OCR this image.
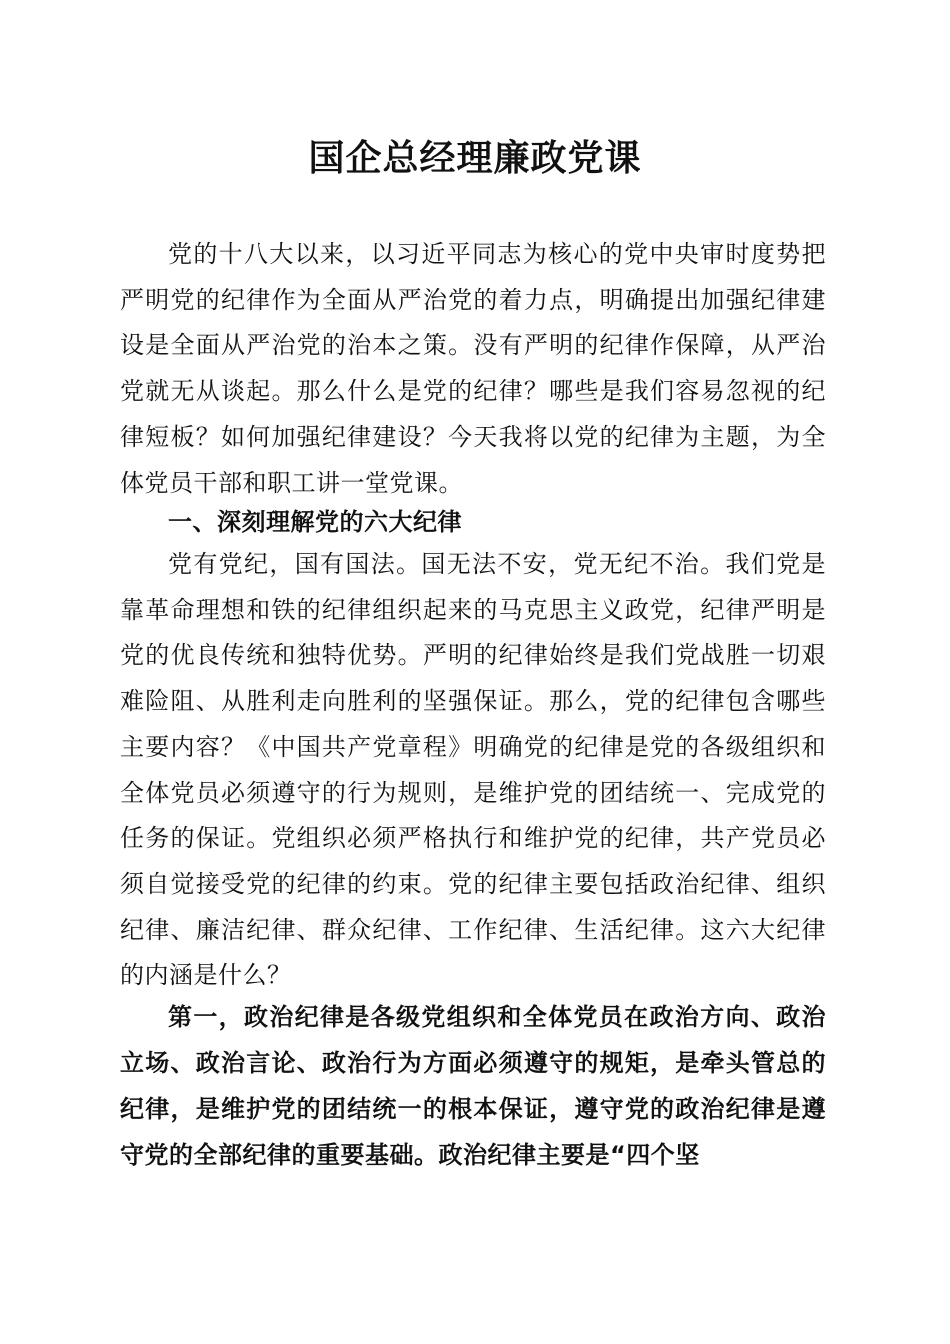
国企总经理廉政党课

党的十八大以来，以习近平同志为核心的党中央审时度势把严明党的纪律作为全面从严治党的着力点，明确提出加强纪律建设是全面从严治党的治本之策。没有严明的纪律作保障，从严治党就无从谈起。那么什么是党的纪律？哪些是我们容易忽视的纪律短板？如何加强纪律建设？今天我将以党的纪律为主题，为全体党员干部和职工讲一堂党课。

一、深刻理解党的六大纪律

党有党纪，国有国法。国无法不安，党无纪不治。我们党是靠革命理想和铁的纪律组织起来的马克思主义政党，纪律严明是党的优良传统和独特优势。严明的纪律始终是我们党战胜一切艰难险阻、从胜利走向胜利的坚强保证。那么，党的纪律包含哪些主要内容？《中国共产党章程》明确党的纪律是党的各级组织和全体党员必须遵守的行为规则，是维护党的团结统一、完成党的任务的保证。党组织必须严格执行和维护党的纪律，共产党员必须自觉接受党的纪律的约束。党的纪律主要包括政治纪律、组织纪律、廉洁纪律、群众纪律、工作纪律、生活纪律。这六大纪律的内涵是什么？

第一，政治纪律是各级党组织和全体党员在政治方向、政治立场、政治言论、政治行为方面必须遵守的规矩，是牵头管总的纪律，是维护党的团结统一的根本保证，遵守党的政治纪律是遵守党的全部纪律的重要基础。政治纪律主要是“四个坚
